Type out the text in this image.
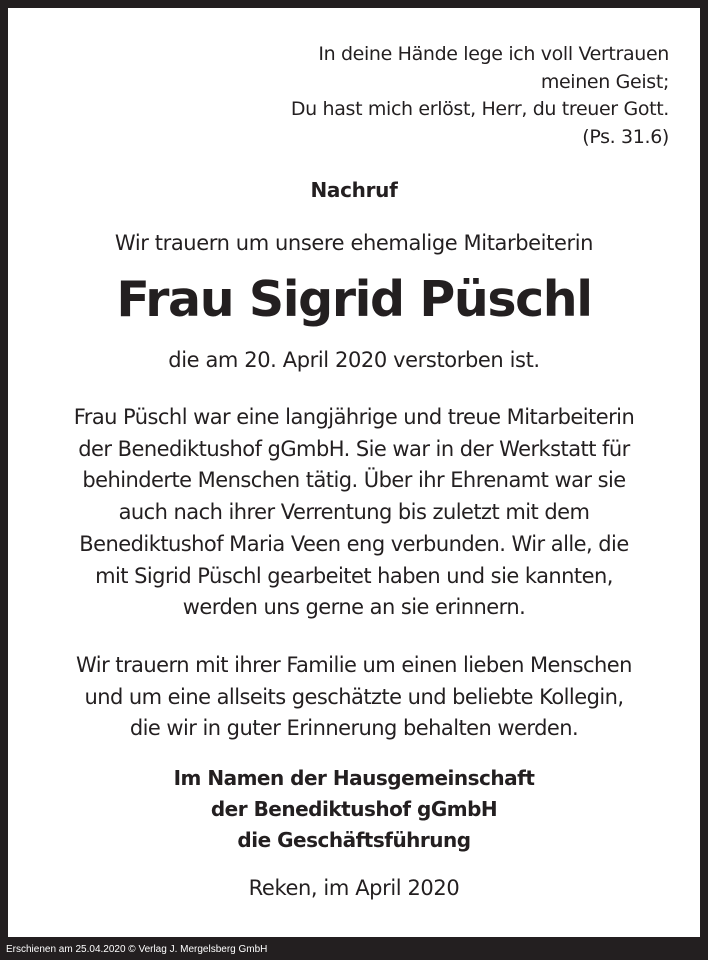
In deine Hände lege ich voll Vertrauen
meinen Geist;
Du hast mich erlöst, Herr, du treuer Gott.
(Ps. 31.6)
Nachruf
Wir trauern um unsere ehemalige Mitarbeiterin
Frau Sigrid Püschl
die am 20. April 2020 verstorben ist.
Frau Püschl war eine langjährige und treue Mitarbeiterin
der Benediktushof gGmbH. Sie war in der Werkstatt für
behinderte Menschen tätig. Über ihr Ehrenamt war sie
auch nach ihrer Verrentung bis zuletzt mit dem
Benediktushof Maria Veen eng verbunden. Wir alle, die
mit Sigrid Püschl gearbeitet haben und sie kannten,
werden uns gerne an sie erinnern.
Wir trauern mit ihrer Familie um einen lieben Menschen
und um eine allseits geschätzte und beliebte Kollegin,
die wir in guter Erinnerung behalten werden.
Im Namen der Hausgemeinschaft
der Benediktushof gGmbH
die Geschäftsführung
Reken, im April 2020
Erschienen am 25.04.2020 © Verlag J. Mergelsberg GmbH
